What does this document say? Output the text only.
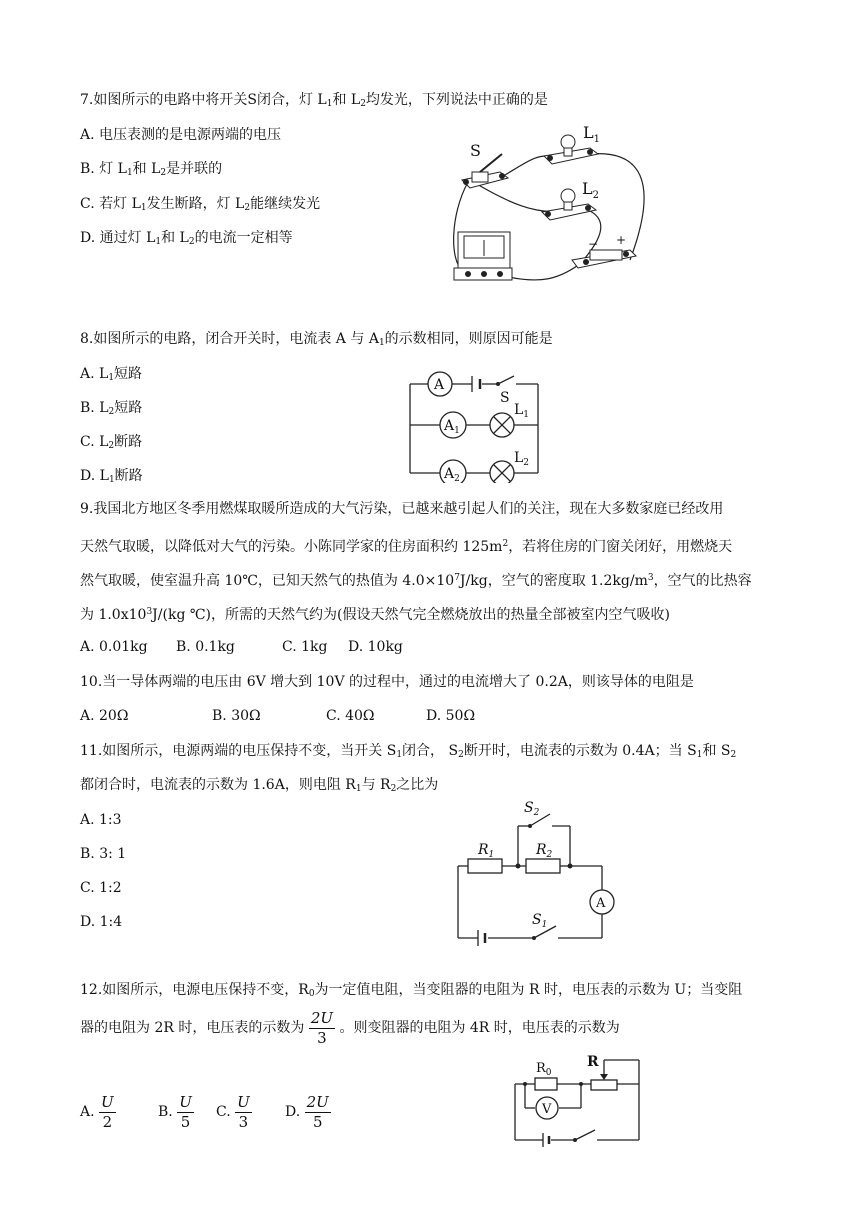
7.如图所示的电路中将开关S闭合，灯 $L_1$和 $L_2$均发光，下列说法中正确的是
A. 电压表测的是电源两端的电压
B. 灯 $L_1$和 $L_2$是并联的
C. 若灯 $L_1$发生断路，灯 $L_2$能继续发光
D. 通过灯 $L_1$和 $L_2$的电流一定相等
S
$L_1$
$L_2$
− +
8.如图所示的电路，闭合开关时，电流表 A 与 $A_1$的示数相同，则原因可能是
A. $L_1$短路
B. $L_2$短路
C. $L_2$断路
D. $L_1$断路
A
S
$A_1$
$L_1$
$A_2$
$L_2$
9.我国北方地区冬季用燃煤取暖所造成的大气污染，已越来越引起人们的关注，现在大多数家庭已经改用
天然气取暖，以降低对大气的污染。小陈同学家的住房面积约 $125m^2$，若将住房的门窗关闭好，用燃烧天
然气取暖，使室温升高 10℃，已知天然气的热值为 $4.0\times 10^7J/kg$，空气的密度取 $1.2kg/m^3$，空气的比热容
为 $1.0x10^3J/(kg$ ℃)，所需的天然气约为(假设天然气完全燃烧放出的热量全部被室内空气吸收)
A. 0.01kg B. 0.1kg	C. 1kg D. 10kg
10.当一导体两端的电压由 6V 增大到 10V 的过程中，通过的电流增大了 0.2A，则该导体的电阻是
A. 20Ω	B. 30Ω	C. 40Ω	D. 50Ω
11.如图所示，电源两端的电压保持不变，当开关 $S_1$闭合， $S_2$断开时，电流表的示数为 0.4A；当 $S_1$和 $S_2$
都闭合时，电流表的示数为 1.6A，则电阻 $R_1$与 $R_2$之比为
A. 1:3
B. 3: 1
C. 1:2
D. 1:4
$S_2$
$R_1$	$R_2$
A
$S_1$
12.如图所示，电源电压保持不变，$R_0$为一定值电阻，当变阻器的电阻为 R 时，电压表的示数为 U；当变阻
器的电阻为 2R 时，电压表的示数为 $\frac{2U}{3}$ 。则变阻器的电阻为 4R 时，电压表的示数为
A. $\frac{U}{2}$	B. $\frac{U}{5} C$. $\frac{U}{3} D$. $\frac{2U}{5}$	V
$R_0$
R
